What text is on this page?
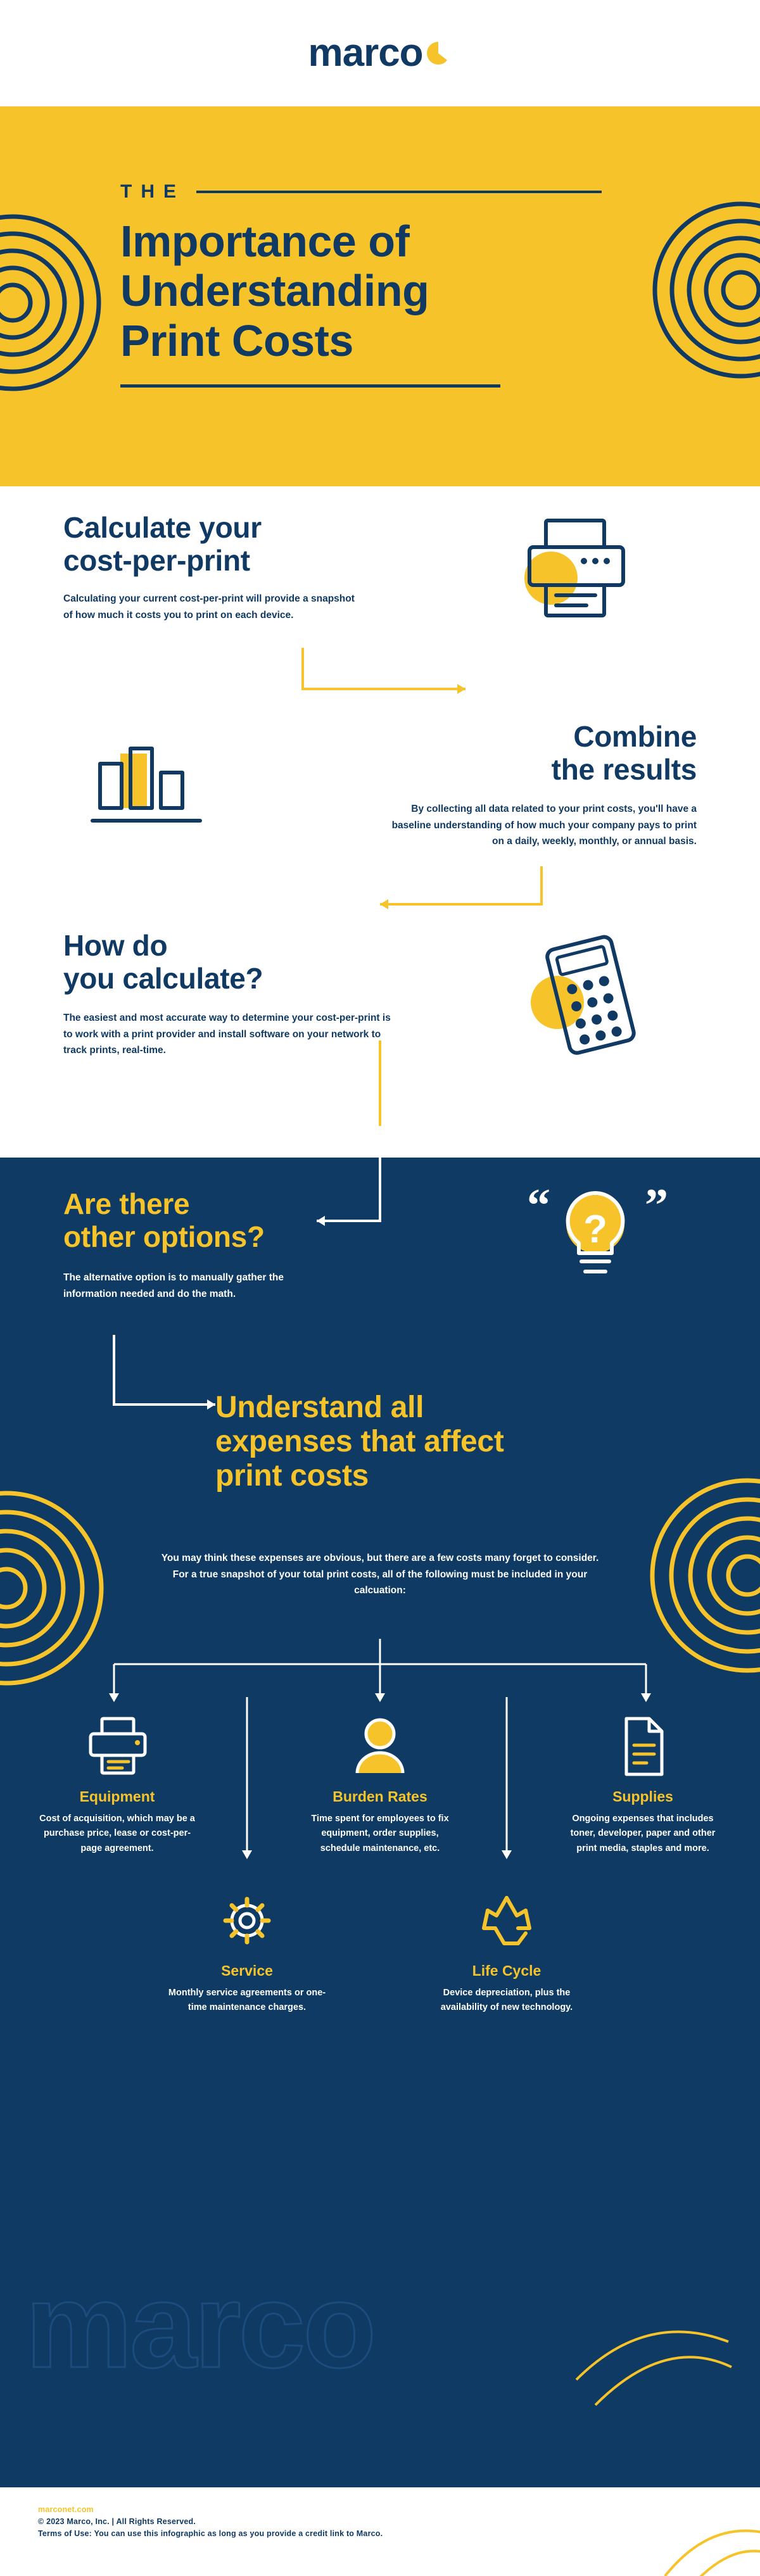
marco
THE
Importance of
Understanding
Print Costs
Calculate your
cost-per-print
Calculating your current cost-per-print will provide a snapshot of how much it costs you to print on each device.
Combine
the results
By collecting all data related to your print costs, you'll have a baseline understanding of how much your company pays to print on a daily, weekly, monthly, or annual basis.
How do
you calculate?
The easiest and most accurate way to determine your cost-per-print is to work with a print provider and install software on your network to track prints, real-time.
Are there
other options?
The alternative option is to manually gather the information needed and do the math.
?
“ ”
Understand all
expenses that affect
print costs
You may think these expenses are obvious, but there are a few costs many forget to consider. For a true snapshot of your total print costs, all of the following must be included in your calcuation:
Equipment
Cost of acquisition, which may be a purchase price, lease or cost-per-page agreement.
Burden Rates
Time spent for employees to fix equipment, order supplies, schedule maintenance, etc.
Supplies
Ongoing expenses that includes toner, developer, paper and other print media, staples and more.
Service
Monthly service agreements or one-time maintenance charges.
Life Cycle
Device depreciation, plus the availability of new technology.
marco
marconet.com
© 2023 Marco, Inc. | All Rights Reserved.
Terms of Use: You can use this infographic as long as you provide a credit link to Marco.
